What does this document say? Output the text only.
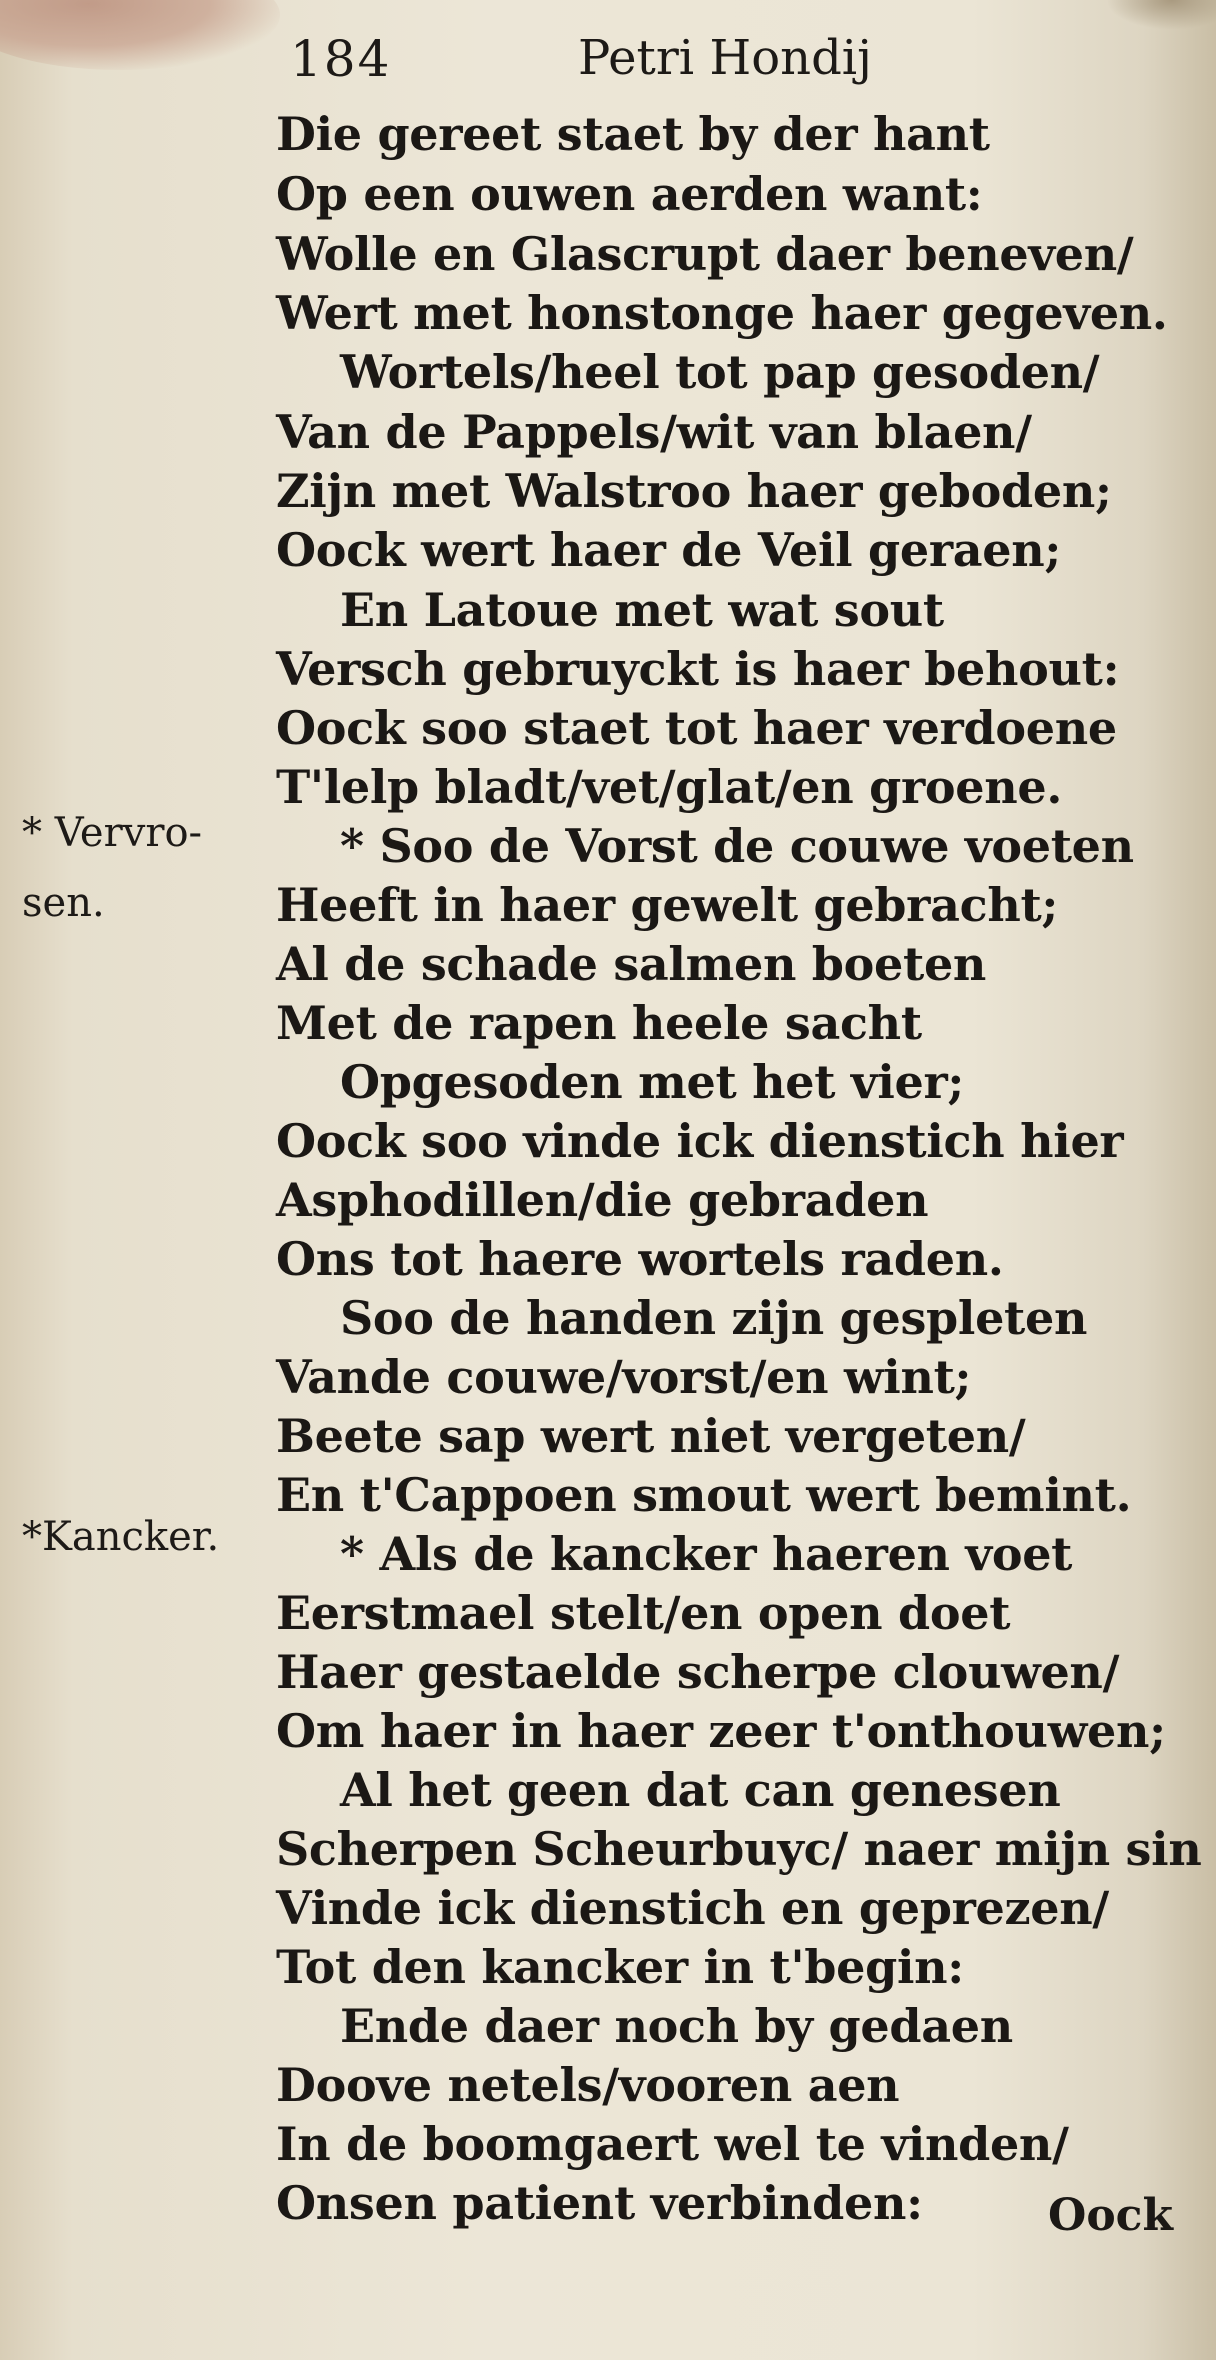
184	Petri Hondij
Die gereet staet by der hant
Op een ouwen aerden want:
Wolle en Glascrupt daer beneven/
Wert met honstonge haer gegeven.
Wortels/heel tot pap gesoden/
Van de Pappels/wit van blaen/
Zijn met Walstroo haer geboden;
Oock wert haer de Veil geraen;
En Latoue met wat sout
Versch gebruyckt is haer behout:
Oock soo staet tot haer verdoene
T'lelp bladt/vet/glat/en groene.
* Soo de Vorst de couwe voeten
Heeft in haer gewelt gebracht;
Al de schade salmen boeten
Met de rapen heele sacht
Opgesoden met het vier;
Oock soo vinde ick dienstich hier
Asphodillen/die gebraden
Ons tot haere wortels raden.
Soo de handen zijn gespleten
Vande couwe/vorst/en wint;
Beete sap wert niet vergeten/
En t'Cappoen smout wert bemint.
* Als de kancker haeren voet
Eerstmael stelt/en open doet
Haer gestaelde scherpe clouwen/
Om haer in haer zeer t'onthouwen;
Al het geen dat can genesen
Scherpen Scheurbuyc/ naer mijn sin
Vinde ick dienstich en geprezen/
Tot den kancker in t'begin:
Ende daer noch by gedaen
Doove netels/vooren aen
In de boomgaert wel te vinden/
Onsen patient verbinden:
* Vervro-
sen.
*Kancker.
Oock
